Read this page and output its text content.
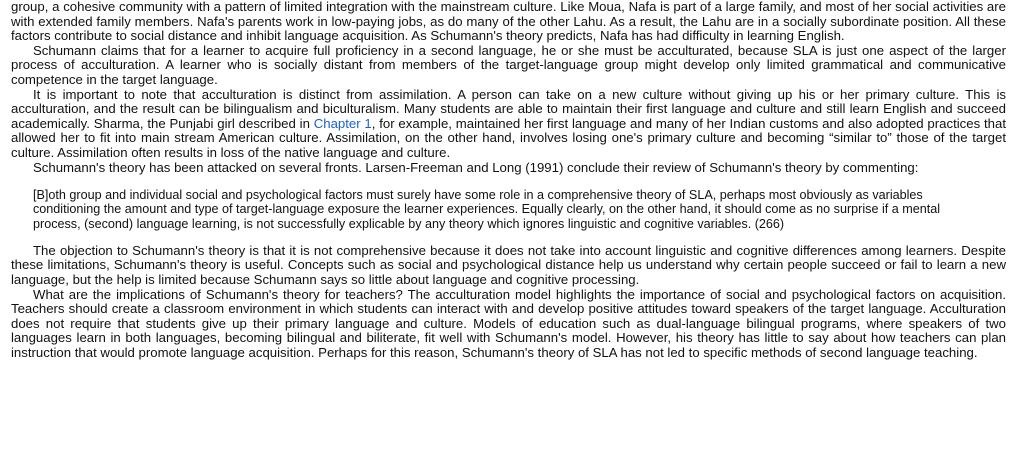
group, a cohesive community with a pattern of limited integration with the mainstream culture. Like Moua, Nafa is part of a large family, and most of her social activities are with extended family members. Nafa's parents work in low-paying jobs, as do many of the other Lahu. As a result, the Lahu are in a socially subordinate position. All these factors contribute to social distance and inhibit language acquisition. As Schumann's theory predicts, Nafa has had difficulty in learning English.

Schumann claims that for a learner to acquire full proficiency in a second language, he or she must be acculturated, because SLA is just one aspect of the larger process of acculturation. A learner who is socially distant from members of the target-language group might develop only limited grammatical and communicative competence in the target language.

It is important to note that acculturation is distinct from assimilation. A person can take on a new culture without giving up his or her primary culture. This is acculturation, and the result can be bilingualism and biculturalism. Many students are able to maintain their first language and culture and still learn English and succeed academically. Sharma, the Punjabi girl described in Chapter 1, for example, maintained her first language and many of her Indian customs and also adopted practices that allowed her to fit into main stream American culture. Assimilation, on the other hand, involves losing one's primary culture and becoming “similar to” those of the target culture. Assimilation often results in loss of the native language and culture.

Schumann's theory has been attacked on several fronts. Larsen-Freeman and Long (1991) conclude their review of Schumann's theory by commenting:

[B]oth group and individual social and psychological factors must surely have some role in a comprehensive theory of SLA, perhaps most obviously as variables conditioning the amount and type of target-language exposure the learner experiences. Equally clearly, on the other hand, it should come as no surprise if a mental process, (second) language learning, is not successfully explicable by any theory which ignores linguistic and cognitive variables. (266)

The objection to Schumann's theory is that it is not comprehensive because it does not take into account linguistic and cognitive differences among learners. Despite these limitations, Schumann's theory is useful. Concepts such as social and psychological distance help us understand why certain people succeed or fail to learn a new language, but the help is limited because Schumann says so little about language and cognitive processing.

What are the implications of Schumann's theory for teachers? The acculturation model highlights the importance of social and psychological factors on acquisition. Teachers should create a classroom environment in which students can interact with and develop positive attitudes toward speakers of the target language. Acculturation does not require that students give up their primary language and culture. Models of education such as dual-language bilingual programs, where speakers of two languages learn in both languages, becoming bilingual and biliterate, fit well with Schumann's model. However, his theory has little to say about how teachers can plan instruction that would promote language acquisition. Perhaps for this reason, Schumann's theory of SLA has not led to specific methods of second language teaching.
